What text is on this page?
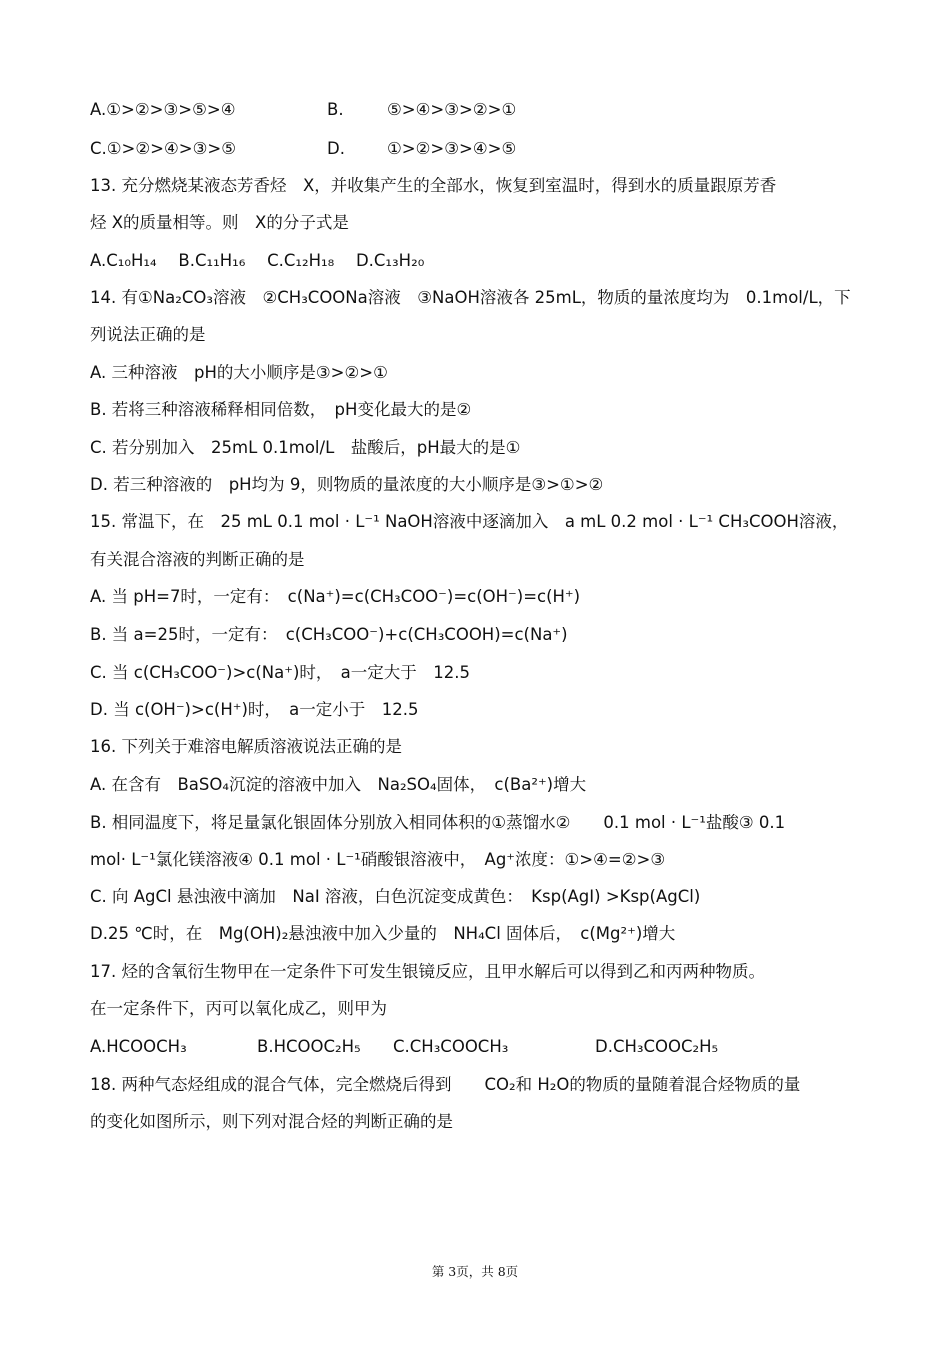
A.①>②>③>⑤>④	B.	⑤>④>③>②>①
C.①>②>④>③>⑤	D.	①>②>③>④>⑤
13. 充分燃烧某液态芳香烃　X，并收集产生的全部水，恢复到室温时，得到水的质量跟原芳香
烃 X的质量相等。则　X的分子式是
A.C₁₀H₁₄　 B.C₁₁H₁₆　 C.C₁₂H₁₈　 D.C₁₃H₂₀
14. 有①Na₂CO₃溶液　②CH₃COONa溶液　③NaOH溶液各 25mL，物质的量浓度均为　0.1mol/L，下
列说法正确的是
A. 三种溶液　pH的大小顺序是③>②>①
B. 若将三种溶液稀释相同倍数，　pH变化最大的是②
C. 若分别加入　25mL 0.1mol/L　盐酸后，pH最大的是①
D. 若三种溶液的　pH均为 9，则物质的量浓度的大小顺序是③>①>②
15. 常温下，在　25 mL 0.1 mol · L⁻¹ NaOH溶液中逐滴加入　a mL 0.2 mol · L⁻¹ CH₃COOH溶液，
有关混合溶液的判断正确的是
A. 当 pH=7时，一定有：　c(Na⁺)=c(CH₃COO⁻)=c(OH⁻)=c(H⁺)
B. 当 a=25时，一定有：　c(CH₃COO⁻)+c(CH₃COOH)=c(Na⁺)
C. 当 c(CH₃COO⁻)>c(Na⁺)时，　a一定大于　12.5
D. 当 c(OH⁻)>c(H⁺)时，　a一定小于　12.5
16. 下列关于难溶电解质溶液说法正确的是
A. 在含有　BaSO₄沉淀的溶液中加入　Na₂SO₄固体，　c(Ba²⁺)增大
B. 相同温度下，将足量氯化银固体分别放入相同体积的①蒸馏水②　　0.1 mol · L⁻¹盐酸③ 0.1
mol· L⁻¹氯化镁溶液④ 0.1 mol · L⁻¹硝酸银溶液中，　Ag⁺浓度：①>④=②>③
C. 向 AgCl 悬浊液中滴加　NaI 溶液，白色沉淀变成黄色：　Ksp(AgI) >Ksp(AgCl)
D.25 ℃时，在　Mg(OH)₂悬浊液中加入少量的　NH₄Cl 固体后，　c(Mg²⁺)增大
17. 烃的含氧衍生物甲在一定条件下可发生银镜反应，且甲水解后可以得到乙和丙两种物质。
在一定条件下，丙可以氧化成乙，则甲为
A.HCOOCH₃	B.HCOOC₂H₅ C.CH₃COOCH₃	D.CH₃COOC₂H₅
18. 两种气态烃组成的混合气体，完全燃烧后得到　　CO₂和 H₂O的物质的量随着混合烃物质的量
的变化如图所示，则下列对混合烃的判断正确的是
第 3页，共 8页
